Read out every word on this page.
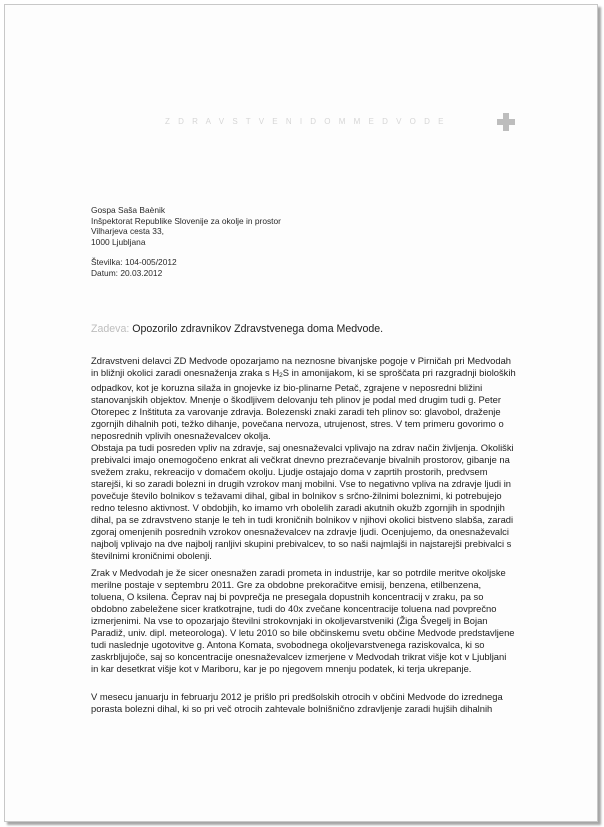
Z D R A V S T V E N I D O M M E D V O D E
Gospa Saša Baènik
Inšpektorat Republike Slovenije za okolje in prostor
Vilharjeva cesta 33,
1000 Ljubljana
Številka: 104-005/2012
Datum: 20.03.2012
Zadeva: Opozorilo zdravnikov Zdravstvenega doma Medvode.
Zdravstveni delavci ZD Medvode opozarjamo na neznosne bivanjske pogoje v Pirničah pri Medvodah
in bližnji okolici zaradi onesnaženja zraka s H2S in amonijakom, ki se sproščata pri razgradnji bioloških
odpadkov, kot je koruzna silaža in gnojevke iz bio-plinarne Petač, zgrajene v neposredni bližini
stanovanjskih objektov. Mnenje o škodljivem delovanju teh plinov je podal med drugim tudi g. Peter
Otorepec z Inštituta za varovanje zdravja. Bolezenski znaki zaradi teh plinov so: glavobol, draženje
zgornjih dihalnih poti, težko dihanje, povečana nervoza, utrujenost, stres. V tem primeru govorimo o
neposrednih vplivih onesnaževalcev okolja.
Obstaja pa tudi posreden vpliv na zdravje, saj onesnaževalci vplivajo na zdrav način življenja. Okoliški
prebivalci imajo onemogočeno enkrat ali večkrat dnevno prezračevanje bivalnih prostorov, gibanje na
svežem zraku, rekreacijo v domačem okolju. Ljudje ostajajo doma v zaprtih prostorih, predvsem
starejši, ki so zaradi bolezni in drugih vzrokov manj mobilni. Vse to negativno vpliva na zdravje ljudi in
povečuje število bolnikov s težavami dihal, gibal in bolnikov s srčno-žilnimi boleznimi, ki potrebujejo
redno telesno aktivnost. V obdobjih, ko imamo vrh obolelih zaradi akutnih okužb zgornjih in spodnjih
dihal, pa se zdravstveno stanje le teh in tudi kroničnih bolnikov v njihovi okolici bistveno slabša, zaradi
zgoraj omenjenih posrednih vzrokov onesnaževalcev na zdravje ljudi. Ocenjujemo, da onesnaževalci
najbolj vplivajo na dve najbolj ranljivi skupini prebivalcev, to so naši najmlajši in najstarejši prebivalci s
številnimi kroničnimi obolenji.
Zrak v Medvodah je že sicer onesnažen zaradi prometa in industrije, kar so potrdile meritve okoljske
merilne postaje v septembru 2011. Gre za obdobne prekoračitve emisij, benzena, etilbenzena,
toluena, O ksilena. Čeprav naj bi povprečja ne presegala dopustnih koncentracij v zraku, pa so
obdobno zabeležene sicer kratkotrajne, tudi do 40x zvečane koncentracije toluena nad povprečno
izmerjenimi. Na vse to opozarjajo številni strokovnjaki in okoljevarstveniki (Žiga Švegelj in Bojan
Paradiž, univ. dipl. meteorologa). V letu 2010 so bile občinskemu svetu občine Medvode predstavljene
tudi naslednje ugotovitve g. Antona Komata, svobodnega okoljevarstvenega raziskovalca, ki so
zaskrbljujoče, saj so koncentracije onesnaževalcev izmerjene v Medvodah trikrat višje kot v Ljubljani
in kar desetkrat višje kot v Mariboru, kar je po njegovem mnenju podatek, ki terja ukrepanje.
V mesecu januarju in februarju 2012 je prišlo pri predšolskih otrocih v občini Medvode do izrednega
porasta bolezni dihal, ki so pri več otrocih zahtevale bolnišnično zdravljenje zaradi hujših dihalnih
